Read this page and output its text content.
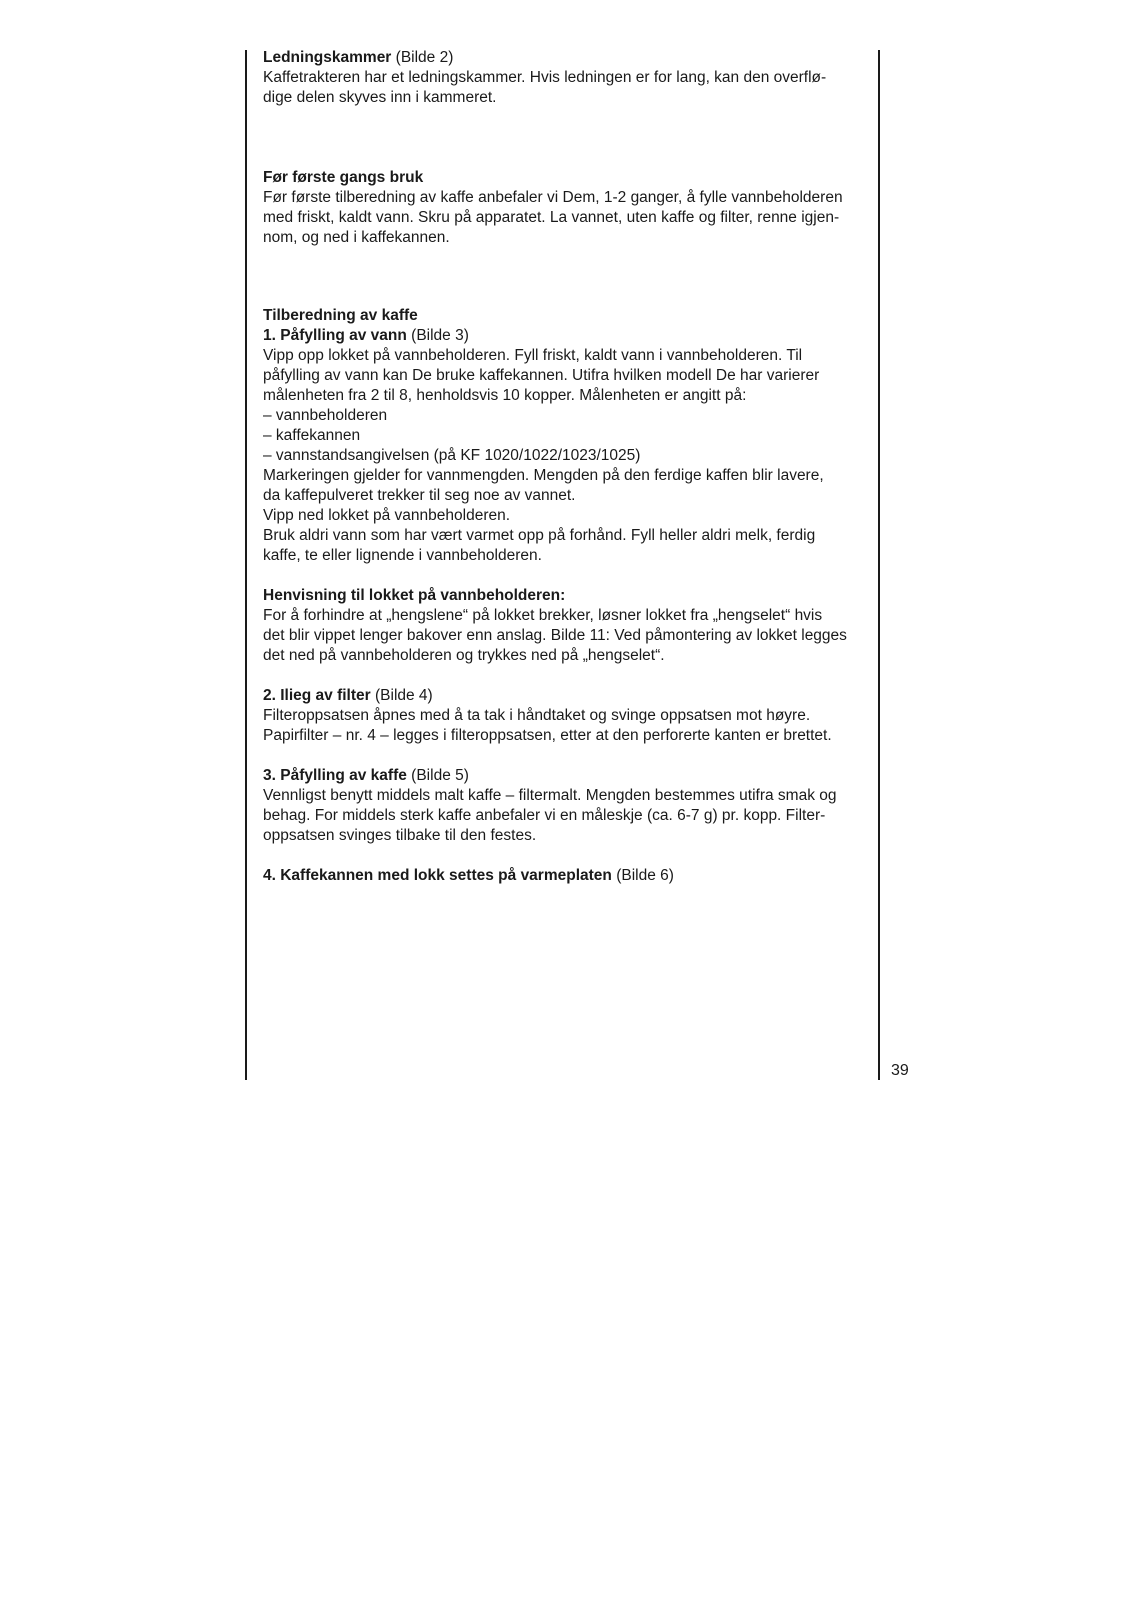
Ledningskammer (Bilde 2)

Kaffetrakteren har et ledningskammer. Hvis ledningen er for lang, kan den overflø-

dige delen skyves inn i kammeret.

Før første gangs bruk

Før første tilberedning av kaffe anbefaler vi Dem, 1-2 ganger, å fylle vannbeholderen

med friskt, kaldt vann. Skru på apparatet. La vannet, uten kaffe og filter, renne igjen-

nom, og ned i kaffekannen.

Tilberedning av kaffe

1. Påfylling av vann (Bilde 3)

Vipp opp lokket på vannbeholderen. Fyll friskt, kaldt vann i vannbeholderen. Til

påfylling av vann kan De bruke kaffekannen. Utifra hvilken modell De har varierer

målenheten fra 2 til 8, henholdsvis 10 kopper. Målenheten er angitt på:

– vannbeholderen

– kaffekannen

– vannstandsangivelsen (på KF 1020/1022/1023/1025)

Markeringen gjelder for vannmengden. Mengden på den ferdige kaffen blir lavere,

da kaffepulveret trekker til seg noe av vannet.

Vipp ned lokket på vannbeholderen.

Bruk aldri vann som har vært varmet opp på forhånd. Fyll heller aldri melk, ferdig

kaffe, te eller lignende i vannbeholderen.

Henvisning til lokket på vannbeholderen:

For å forhindre at „hengslene“ på lokket brekker, løsner lokket fra „hengselet“ hvis

det blir vippet lenger bakover enn anslag. Bilde 11: Ved påmontering av lokket legges

det ned på vannbeholderen og trykkes ned på „hengselet“.

2. Ilieg av filter (Bilde 4)

Filteroppsatsen åpnes med å ta tak i håndtaket og svinge oppsatsen mot høyre.

Papirfilter – nr. 4 – legges i filteroppsatsen, etter at den perforerte kanten er brettet.

3. Påfylling av kaffe (Bilde 5)

Vennligst benytt middels malt kaffe – filtermalt. Mengden bestemmes utifra smak og

behag. For middels sterk kaffe anbefaler vi en måleskje (ca. 6-7 g) pr. kopp. Filter-

oppsatsen svinges tilbake til den festes.

4. Kaffekannen med lokk settes på varmeplaten (Bilde 6)

39
